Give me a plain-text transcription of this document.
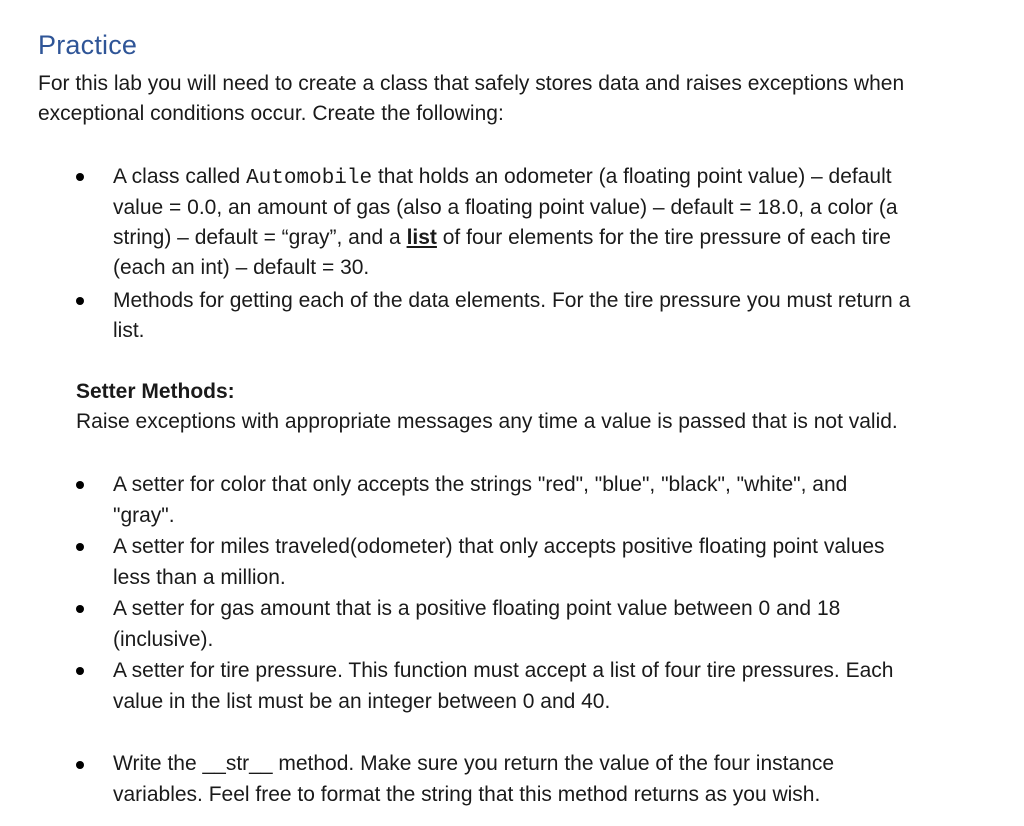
Practice
For this lab you will need to create a class that safely stores data and raises exceptions when
exceptional conditions occur. Create the following:
A class called Automobile that holds an odometer (a floating point value) – default
value = 0.0, an amount of gas (also a floating point value) – default = 18.0, a color (a
string) – default = “gray”, and a list of four elements for the tire pressure of each tire
(each an int) – default = 30.
Methods for getting each of the data elements. For the tire pressure you must return a
list.
Setter Methods:
Raise exceptions with appropriate messages any time a value is passed that is not valid.
A setter for color that only accepts the strings "red", "blue", "black", "white", and
"gray".
A setter for miles traveled(odometer) that only accepts positive floating point values
less than a million.
A setter for gas amount that is a positive floating point value between 0 and 18
(inclusive).
A setter for tire pressure. This function must accept a list of four tire pressures. Each
value in the list must be an integer between 0 and 40.
Write the __str__ method. Make sure you return the value of the four instance
variables. Feel free to format the string that this method returns as you wish.
